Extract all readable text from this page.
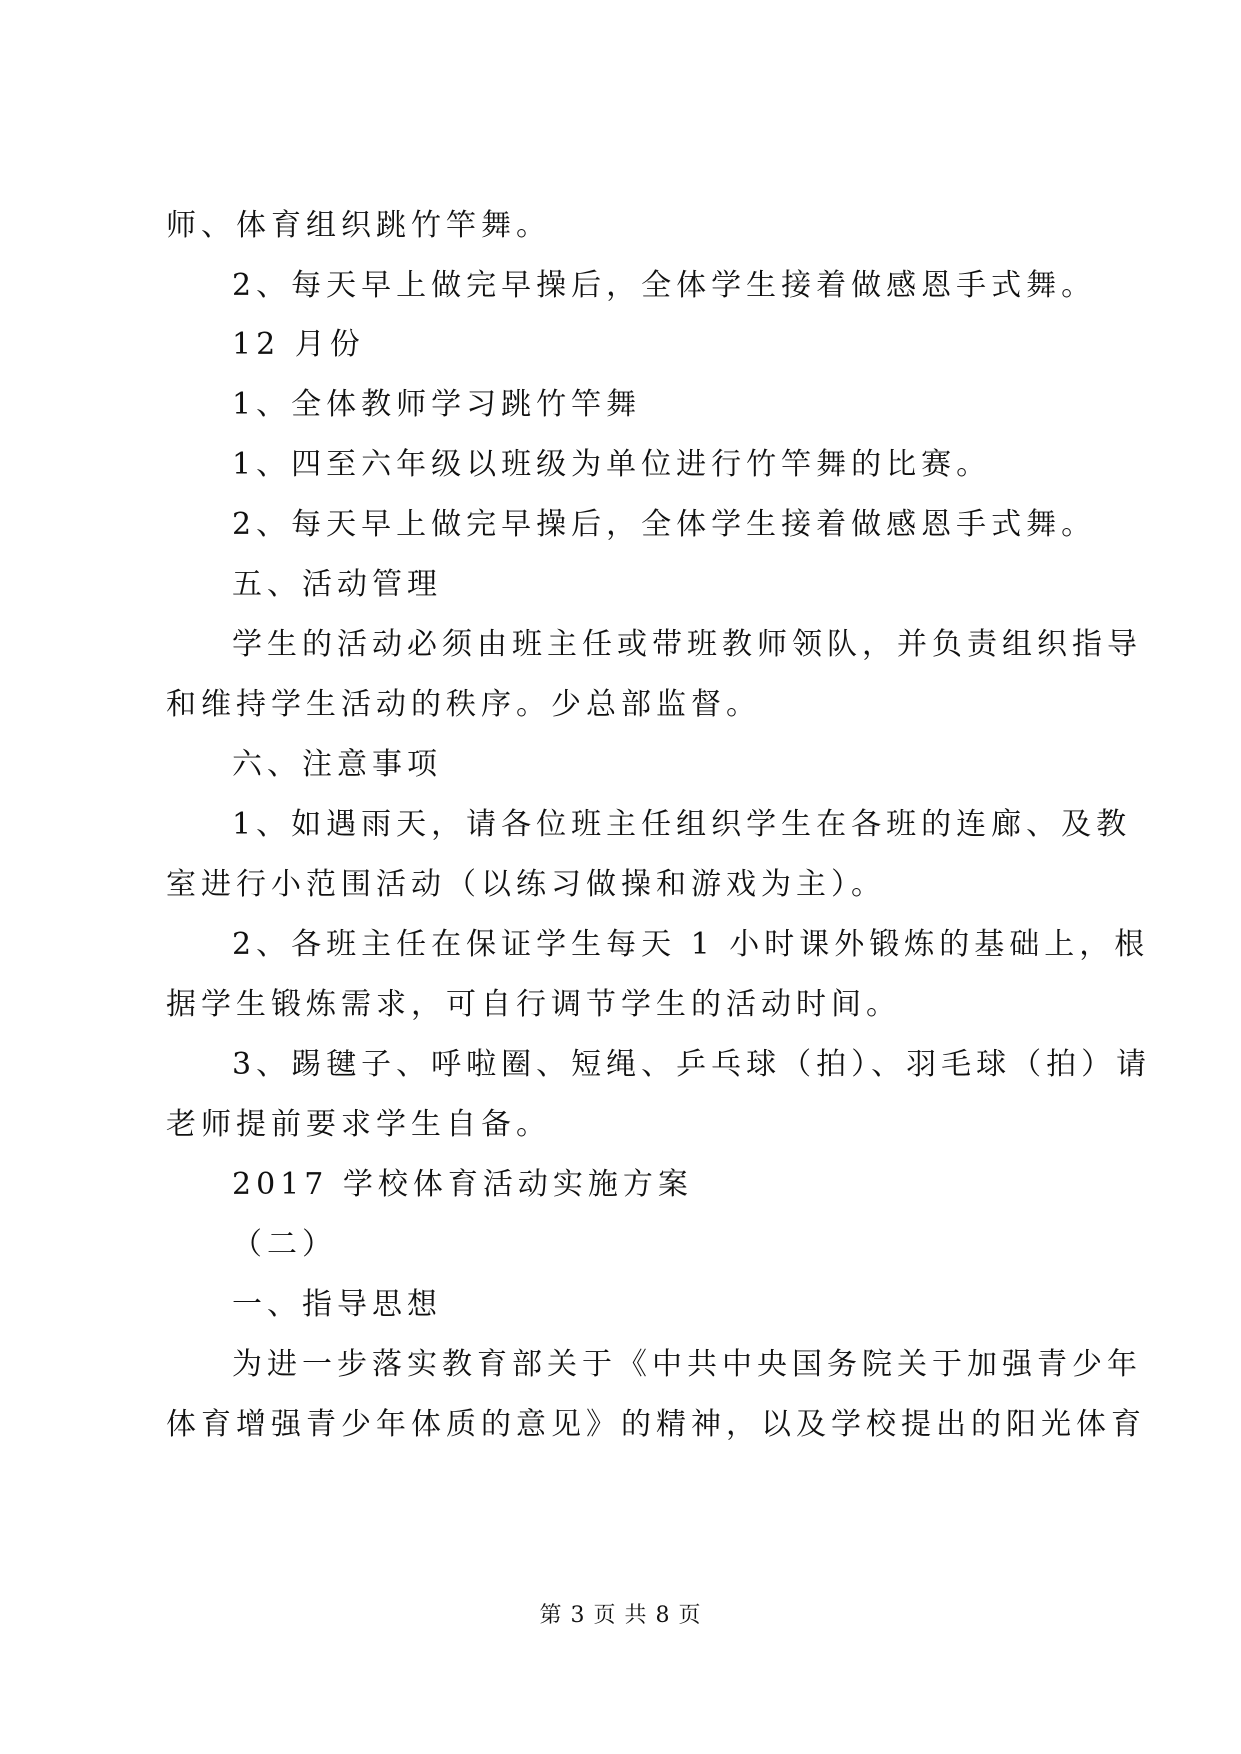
师、体育组织跳竹竿舞。
2、每天早上做完早操后，全体学生接着做感恩手式舞。
12 月份
1、全体教师学习跳竹竿舞
1、四至六年级以班级为单位进行竹竿舞的比赛。
2、每天早上做完早操后，全体学生接着做感恩手式舞。
五、活动管理
学生的活动必须由班主任或带班教师领队，并负责组织指导
和维持学生活动的秩序。少总部监督。
六、注意事项
1、如遇雨天，请各位班主任组织学生在各班的连廊、及教
室进行小范围活动（以练习做操和游戏为主）。
2、各班主任在保证学生每天 1 小时课外锻炼的基础上，根
据学生锻炼需求，可自行调节学生的活动时间。
3、踢毽子、呼啦圈、短绳、乒乓球（拍）、羽毛球（拍）请
老师提前要求学生自备。
2017 学校体育活动实施方案
（二）
一、指导思想
为进一步落实教育部关于《中共中央国务院关于加强青少年
体育增强青少年体质的意见》的精神，以及学校提出的阳光体育
第 3 页 共 8 页
